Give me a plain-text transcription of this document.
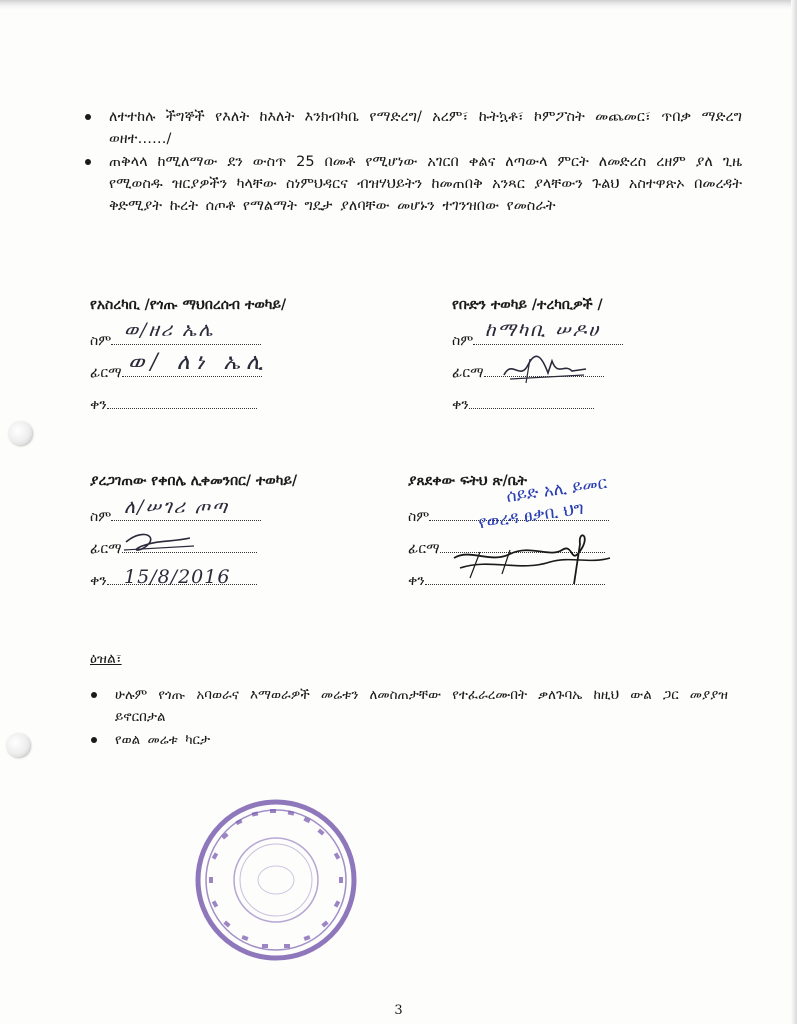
ለተተከሉ ችግኞች የእለት ከእለት እንክብካቤ የማድረግ/ አረም፣ ኩትኳቶ፣ ኮምፖስት መጨመር፣ ጥበቃ ማድረግ ወዘተ……/
ጠቅላላ ከሚለማው ደን ውስጥ 25 በመቶ የሚሆነው አገርበ ቀልና ለጣውላ ምርት ለመድረስ ረዘም ያለ ጊዜ የሚወስዱ ዝርያዎችን ካላቸው ስነምህዳርና ብዝሃህይትን ከመጠበቅ አንጻር ያላቸውን ጉልህ አስተዋጽኦ በመረዳት ቅድሚያት ኩረት ሰጦቶ የማልማት ግዴታ ያለባቸው መሆኑን ተገንዝበው የመስራት
የአስረካቢ /የጎጡ ማህበረሰብ ተወካይ/
ስም
ፊርማ
ቀን
ወ/ዘሪ ኤሌ
ወ/ ለነ ኤሊ
የቡድን ተወካይ /ተረካቢዎች /
ስም
ፊርማ
ቀን
ከማካቢ ሠዶሀ
ያረጋገጠው የቀበሌ ሊቀመንበር/ ተወካይ/
ስም
ፊርማ
ቀን
ለ/ሠገሪ ጦጣ
15/8/2016
ያጸደቀው ፍትህ ጽ/ቤት
ስም
ፊርማ
ቀን
ሰይድ አሊ ይመር
የወረዳ ፀቃቢ ህግ
ዕዝል፣
ሁሉም የጎጡ አባወራና እማወራዎች መሬቱን ለመስጠታቸው የተፈራረሙበት ቃለጉባኤ ከዚህ ውል ጋር መያያዝ ይኖርበታል
የወል መሬቱ ካርታ
3
